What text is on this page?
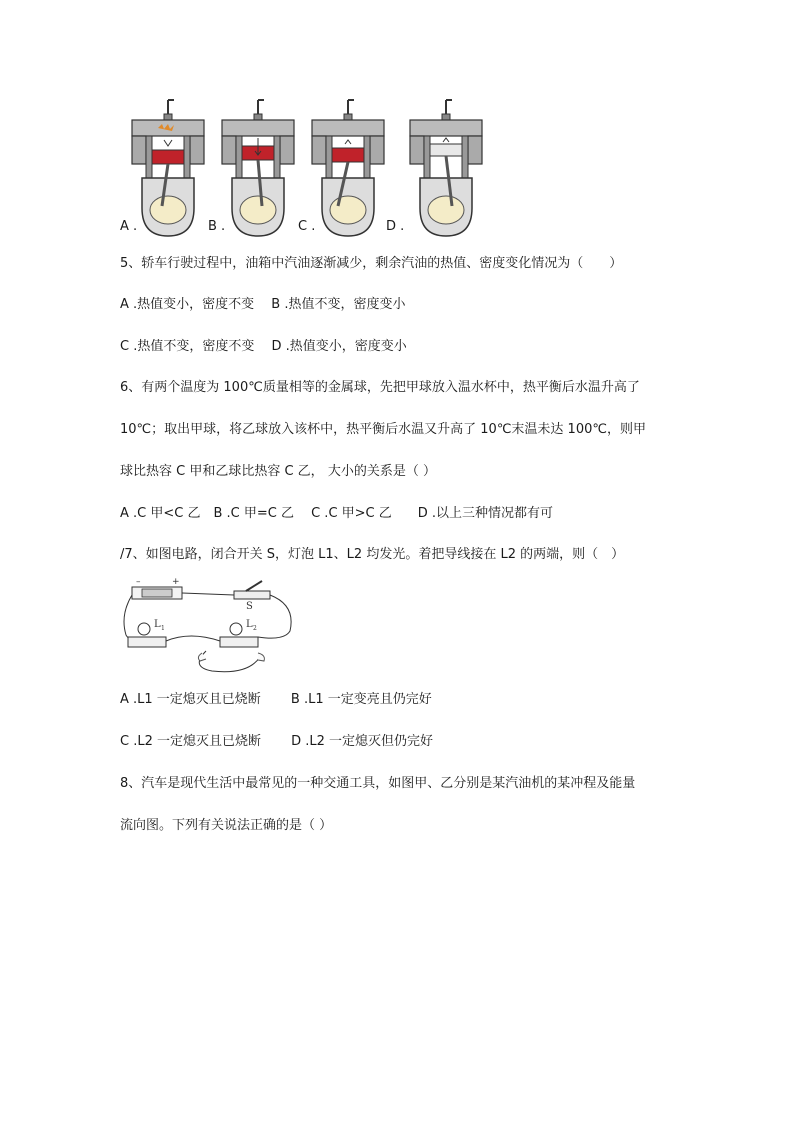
A .	B .	C .	D .
5、轿车行驶过程中，油箱中汽油逐渐减少，剩余汽油的热值、密度变化情况为（　　）
A .热值变小，密度不变　 B .热值不变，密度变小
C .热值不变，密度不变　 D .热值变小，密度变小
6、有两个温度为 100℃质量相等的金属球，先把甲球放入温水杯中，热平衡后水温升高了
10℃；取出甲球，将乙球放入该杯中，热平衡后水温又升高了 10℃末温未达 100℃，则甲
球比热容 C 甲和乙球比热容 C 乙， 大小的关系是（ ）
A .C 甲<C 乙　B .C 甲=C 乙　 C .C 甲>C 乙　　D .以上三种情况都有可
/7、如图电路，闭合开关 S，灯泡 L1、L2 均发光。着把导线接在 L2 的两端，则（　）
–	+
S
L 1	L 2
A .L1 一定熄灭且已烧断　　 B .L1 一定变亮且仍完好
C .L2 一定熄灭且已烧断　　 D .L2 一定熄灭但仍完好
8、汽车是现代生活中最常见的一种交通工具，如图甲、乙分别是某汽油机的某冲程及能量
流向图。下列有关说法正确的是（ ）
